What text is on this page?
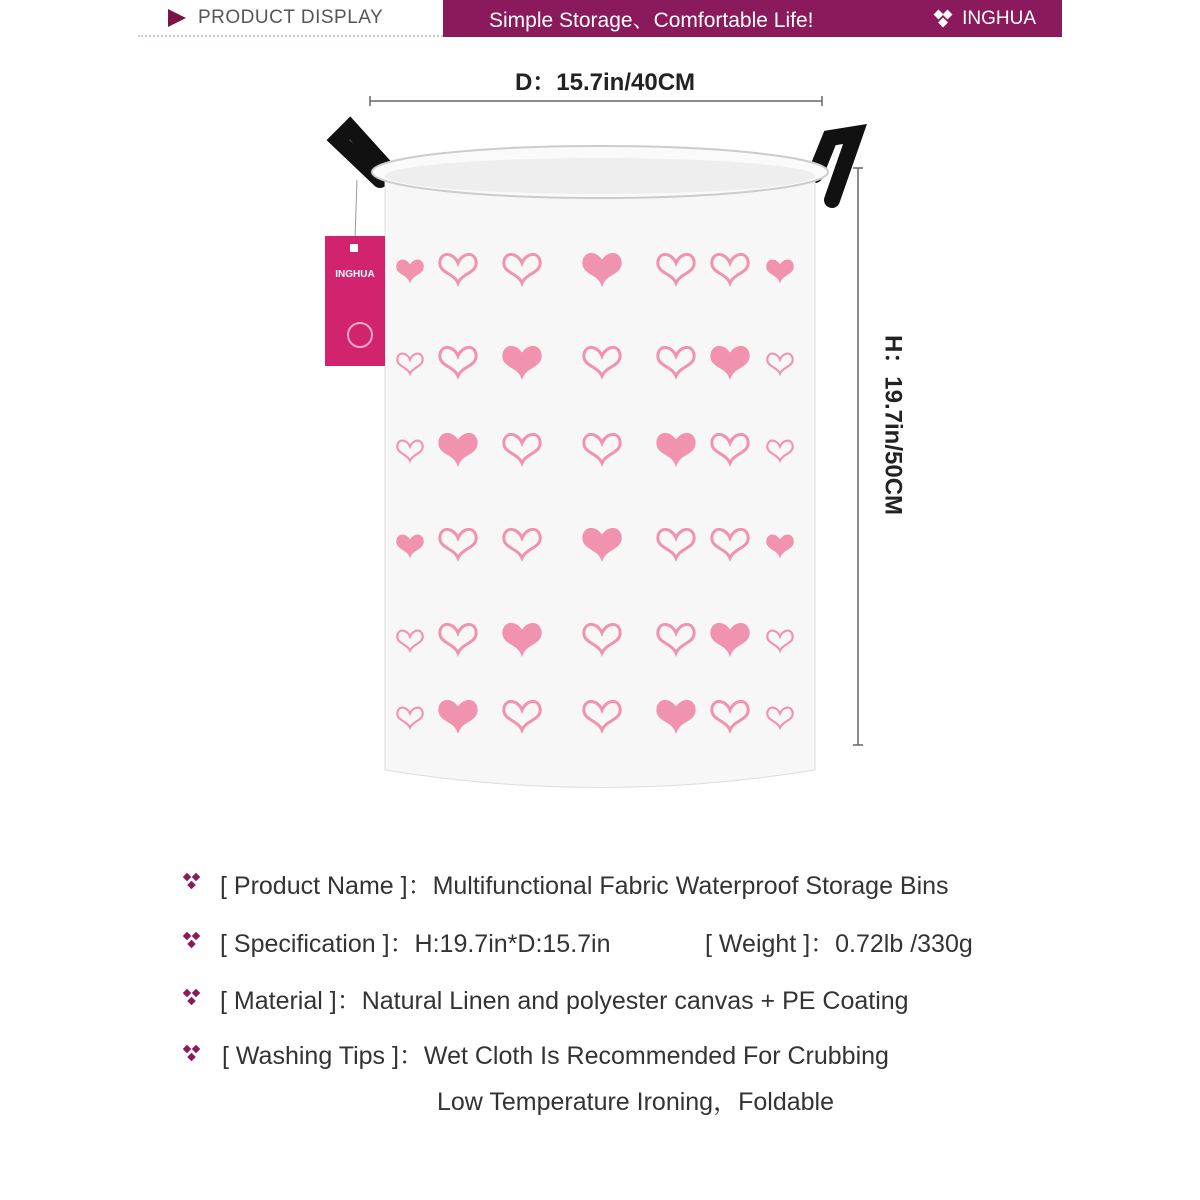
PRODUCT DISPLAY	Simple Storage、Comfortable Life!	INGHUA
D：15.7in/40CM
H：19.7in/50CM
INGHUA
[ Product Name ]：Multifunctional Fabric Waterproof Storage Bins
[ Specification ]：H:19.7in*D:15.7in	[ Weight ]：0.72lb /330g
[ Material ]：Natural Linen and polyester canvas + PE Coating
[ Washing Tips ]：Wet Cloth Is Recommended For Crubbing
Low Temperature Ironing，Foldable
